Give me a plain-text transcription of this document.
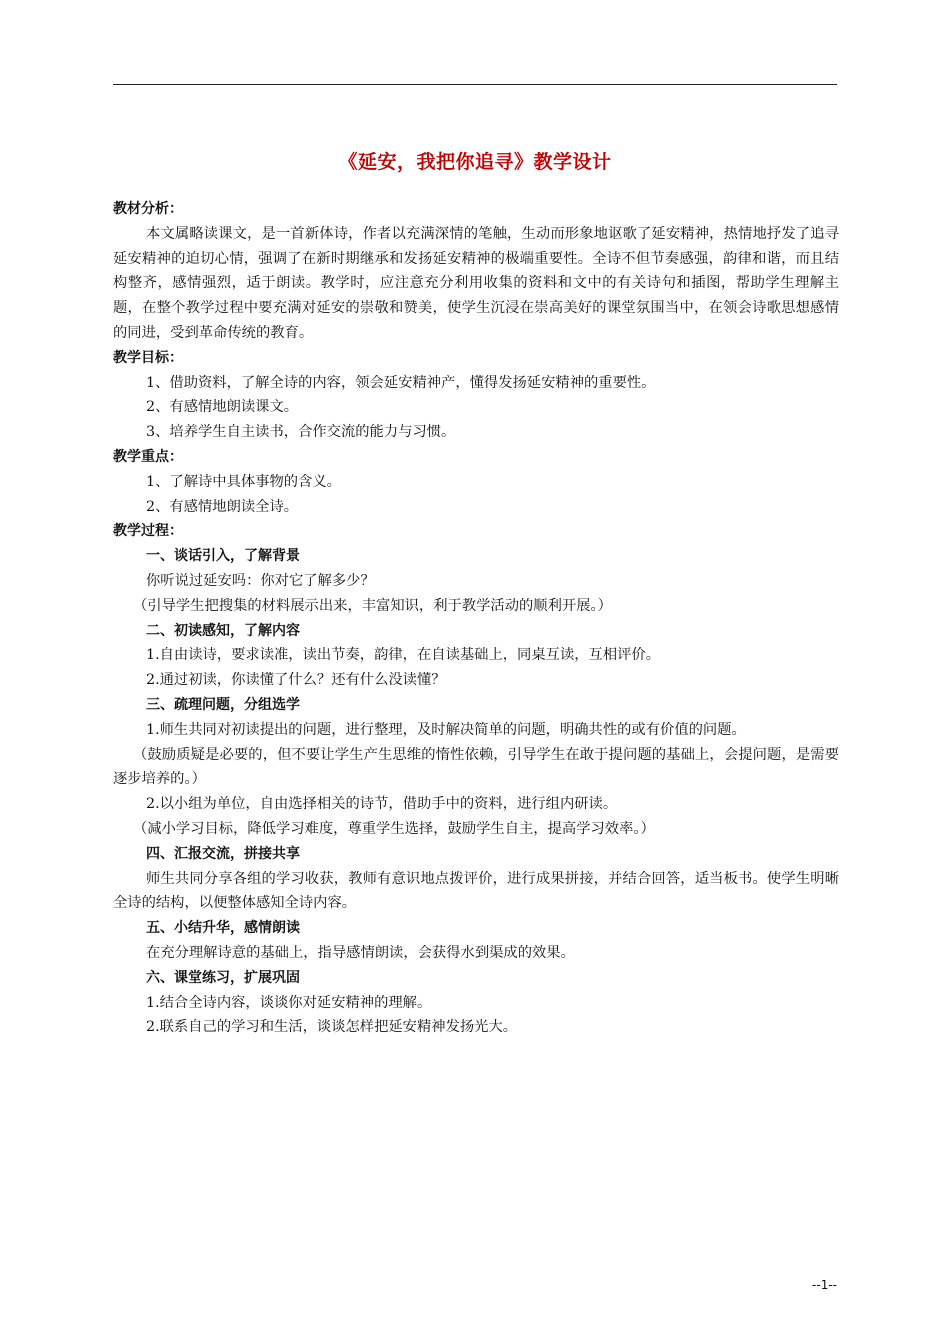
《延安，我把你追寻》教学设计

教材分析：

本文属略读课文，是一首新体诗，作者以充满深情的笔触，生动而形象地讴歌了延安精神，热情地抒发了追寻延安精神的迫切心情，强调了在新时期继承和发扬延安精神的极端重要性。全诗不但节奏感强，韵律和谐，而且结构整齐，感情强烈，适于朗读。教学时，应注意充分利用收集的资料和文中的有关诗句和插图，帮助学生理解主题，在整个教学过程中要充满对延安的崇敬和赞美，使学生沉浸在崇高美好的课堂氛围当中，在领会诗歌思想感情的同进，受到革命传统的教育。

教学目标：

1、借助资料，了解全诗的内容，领会延安精神产，懂得发扬延安精神的重要性。

2、有感情地朗读课文。

3、培养学生自主读书，合作交流的能力与习惯。

教学重点：

1、了解诗中具体事物的含义。

2、有感情地朗读全诗。

教学过程：

一、谈话引入，了解背景

你听说过延安吗：你对它了解多少？

（引导学生把搜集的材料展示出来，丰富知识，利于教学活动的顺利开展。）

二、初读感知，了解内容

1.自由读诗，要求读准，读出节奏，韵律，在自读基础上，同桌互读，互相评价。

2.通过初读，你读懂了什么？还有什么没读懂？

三、疏理问题，分组选学

1.师生共同对初读提出的问题，进行整理，及时解决简单的问题，明确共性的或有价值的问题。

（鼓励质疑是必要的，但不要让学生产生思维的惰性依赖，引导学生在敢于提问题的基础上，会提问题，是需要逐步培养的。）

2.以小组为单位，自由选择相关的诗节，借助手中的资料，进行组内研读。

（减小学习目标，降低学习难度，尊重学生选择，鼓励学生自主，提高学习效率。）

四、汇报交流，拼接共享

师生共同分享各组的学习收获，教师有意识地点拨评价，进行成果拼接，并结合回答，适当板书。使学生明晰全诗的结构，以便整体感知全诗内容。

五、小结升华，感情朗读

在充分理解诗意的基础上，指导感情朗读，会获得水到渠成的效果。

六、课堂练习，扩展巩固

1.结合全诗内容，谈谈你对延安精神的理解。

2.联系自己的学习和生活，谈谈怎样把延安精神发扬光大。

--1--
